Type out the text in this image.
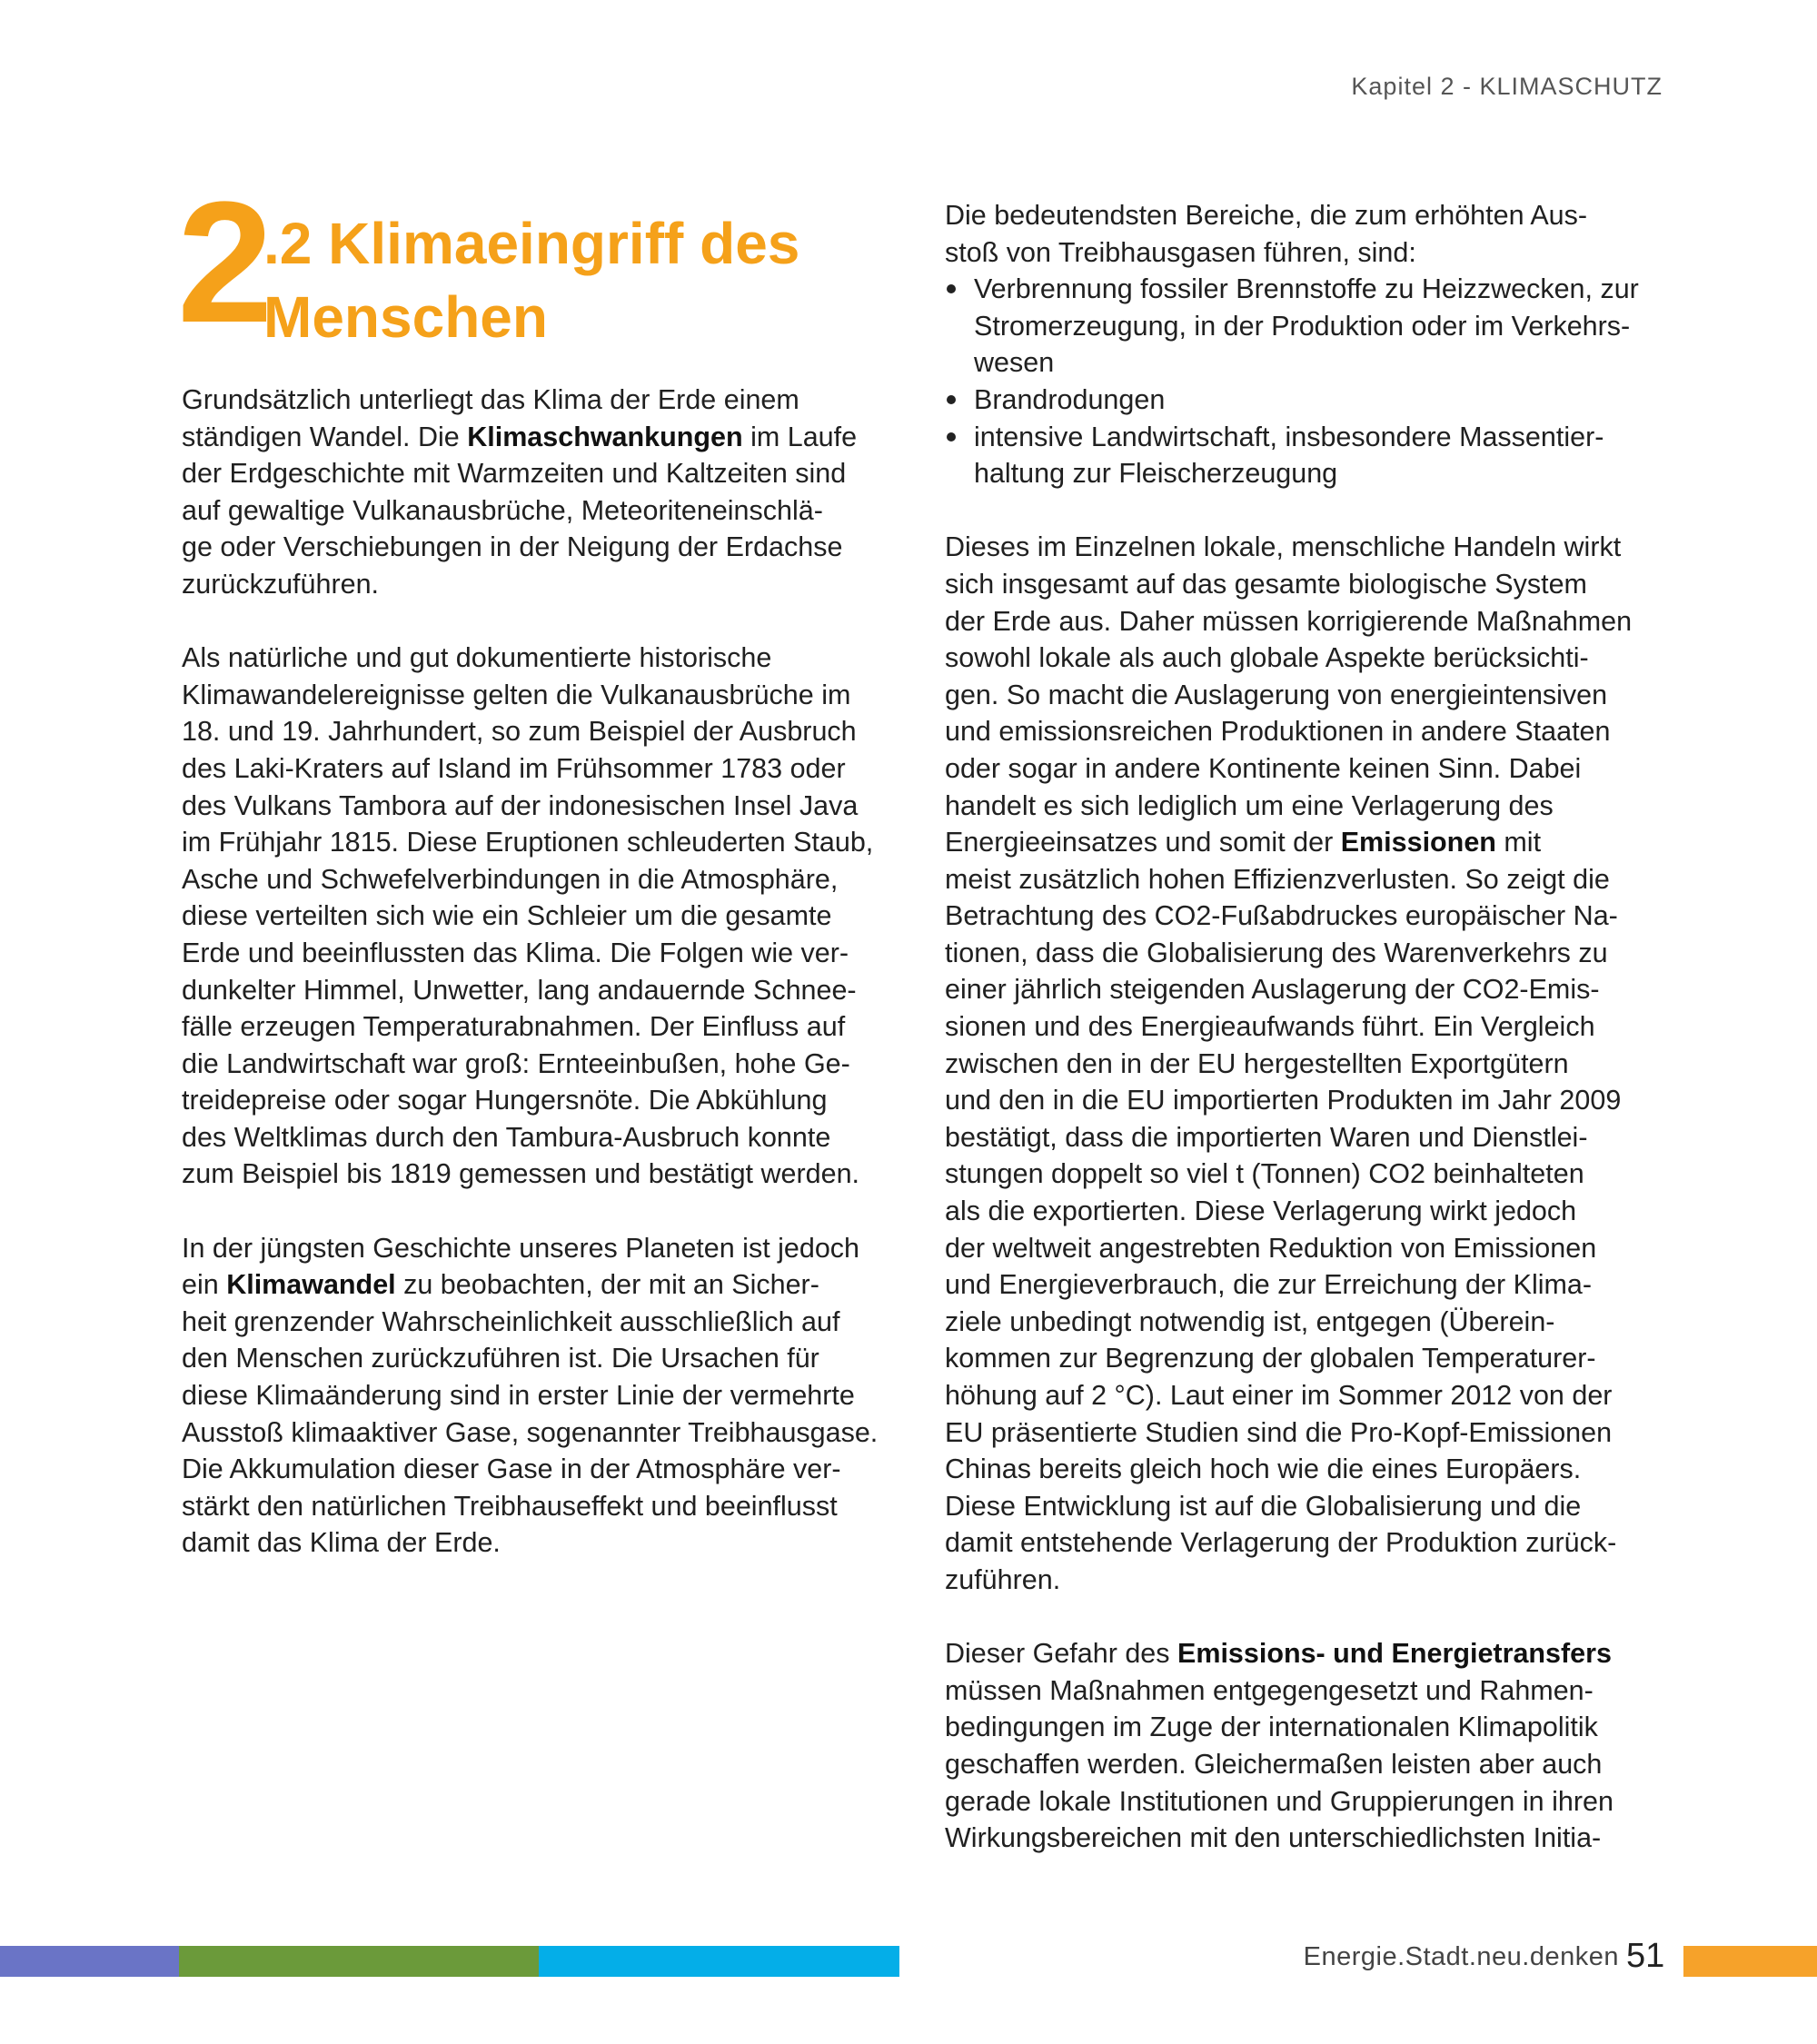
Kapitel 2 - KLIMASCHUTZ
2
.2 Klimaeingriff des
Menschen

Grundsätzlich unterliegt das Klima der Erde einem
ständigen Wandel. Die Klimaschwankungen im Laufe
der Erdgeschichte mit Warmzeiten und Kaltzeiten sind
auf gewaltige Vulkanausbrüche, Meteoriteneinschlä-
ge oder Verschiebungen in der Neigung der Erdachse
zurückzuführen.

Als natürliche und gut dokumentierte historische
Klimawandelereignisse gelten die Vulkanausbrüche im
18. und 19. Jahrhundert, so zum Beispiel der Ausbruch
des Laki-Kraters auf Island im Frühsommer 1783 oder
des Vulkans Tambora auf der indonesischen Insel Java
im Frühjahr 1815. Diese Eruptionen schleuderten Staub,
Asche und Schwefelverbindungen in die Atmosphäre,
diese verteilten sich wie ein Schleier um die gesamte
Erde und beeinflussten das Klima. Die Folgen wie ver-
dunkelter Himmel, Unwetter, lang andauernde Schnee-
fälle erzeugen Temperaturabnahmen. Der Einfluss auf
die Landwirtschaft war groß: Ernteeinbußen, hohe Ge-
treidepreise oder sogar Hungersnöte. Die Abkühlung
des Weltklimas durch den Tambura-Ausbruch konnte
zum Beispiel bis 1819 gemessen und bestätigt werden.

In der jüngsten Geschichte unseres Planeten ist jedoch
ein Klimawandel zu beobachten, der mit an Sicher-
heit grenzender Wahrscheinlichkeit ausschließlich auf
den Menschen zurückzuführen ist. Die Ursachen für
diese Klimaänderung sind in erster Linie der vermehrte
Ausstoß klimaaktiver Gase, sogenannter Treibhausgase.
Die Akkumulation dieser Gase in der Atmosphäre ver-
stärkt den natürlichen Treibhauseffekt und beeinflusst
damit das Klima der Erde.

Die bedeutendsten Bereiche, die zum erhöhten Aus-
stoß von Treibhausgasen führen, sind:

Verbrennung fossiler Brennstoffe zu Heizzwecken, zur
Stromerzeugung, in der Produktion oder im Verkehrs-
wesen
Brandrodungen
intensive Landwirtschaft, insbesondere Massentier-
haltung zur Fleischerzeugung

Dieses im Einzelnen lokale, menschliche Handeln wirkt
sich insgesamt auf das gesamte biologische System
der Erde aus. Daher müssen korrigierende Maßnahmen
sowohl lokale als auch globale Aspekte berücksichti-
gen. So macht die Auslagerung von energieintensiven
und emissionsreichen Produktionen in andere Staaten
oder sogar in andere Kontinente keinen Sinn. Dabei
handelt es sich lediglich um eine Verlagerung des
Energieeinsatzes und somit der Emissionen mit
meist zusätzlich hohen Effizienzverlusten. So zeigt die
Betrachtung des CO2-Fußabdruckes europäischer Na-
tionen, dass die Globalisierung des Warenverkehrs zu
einer jährlich steigenden Auslagerung der CO2-Emis-
sionen und des Energieaufwands führt. Ein Vergleich
zwischen den in der EU hergestellten Exportgütern
und den in die EU importierten Produkten im Jahr 2009
bestätigt, dass die importierten Waren und Dienstlei-
stungen doppelt so viel t (Tonnen) CO2 beinhalteten
als die exportierten. Diese Verlagerung wirkt jedoch
der weltweit angestrebten Reduktion von Emissionen
und Energieverbrauch, die zur Erreichung der Klima-
ziele unbedingt notwendig ist, entgegen (Überein-
kommen zur Begrenzung der globalen Temperaturer-
höhung auf 2 °C). Laut einer im Sommer 2012 von der
EU präsentierte Studien sind die Pro-Kopf-Emissionen
Chinas bereits gleich hoch wie die eines Europäers.
Diese Entwicklung ist auf die Globalisierung und die
damit entstehende Verlagerung der Produktion zurück-
zuführen.

Dieser Gefahr des Emissions- und Energietransfers
müssen Maßnahmen entgegengesetzt und Rahmen-
bedingungen im Zuge der internationalen Klimapolitik
geschaffen werden. Gleichermaßen leisten aber auch
gerade lokale Institutionen und Gruppierungen in ihren
Wirkungsbereichen mit den unterschiedlichsten Initia-

Energie.Stadt.neu.denken 51
